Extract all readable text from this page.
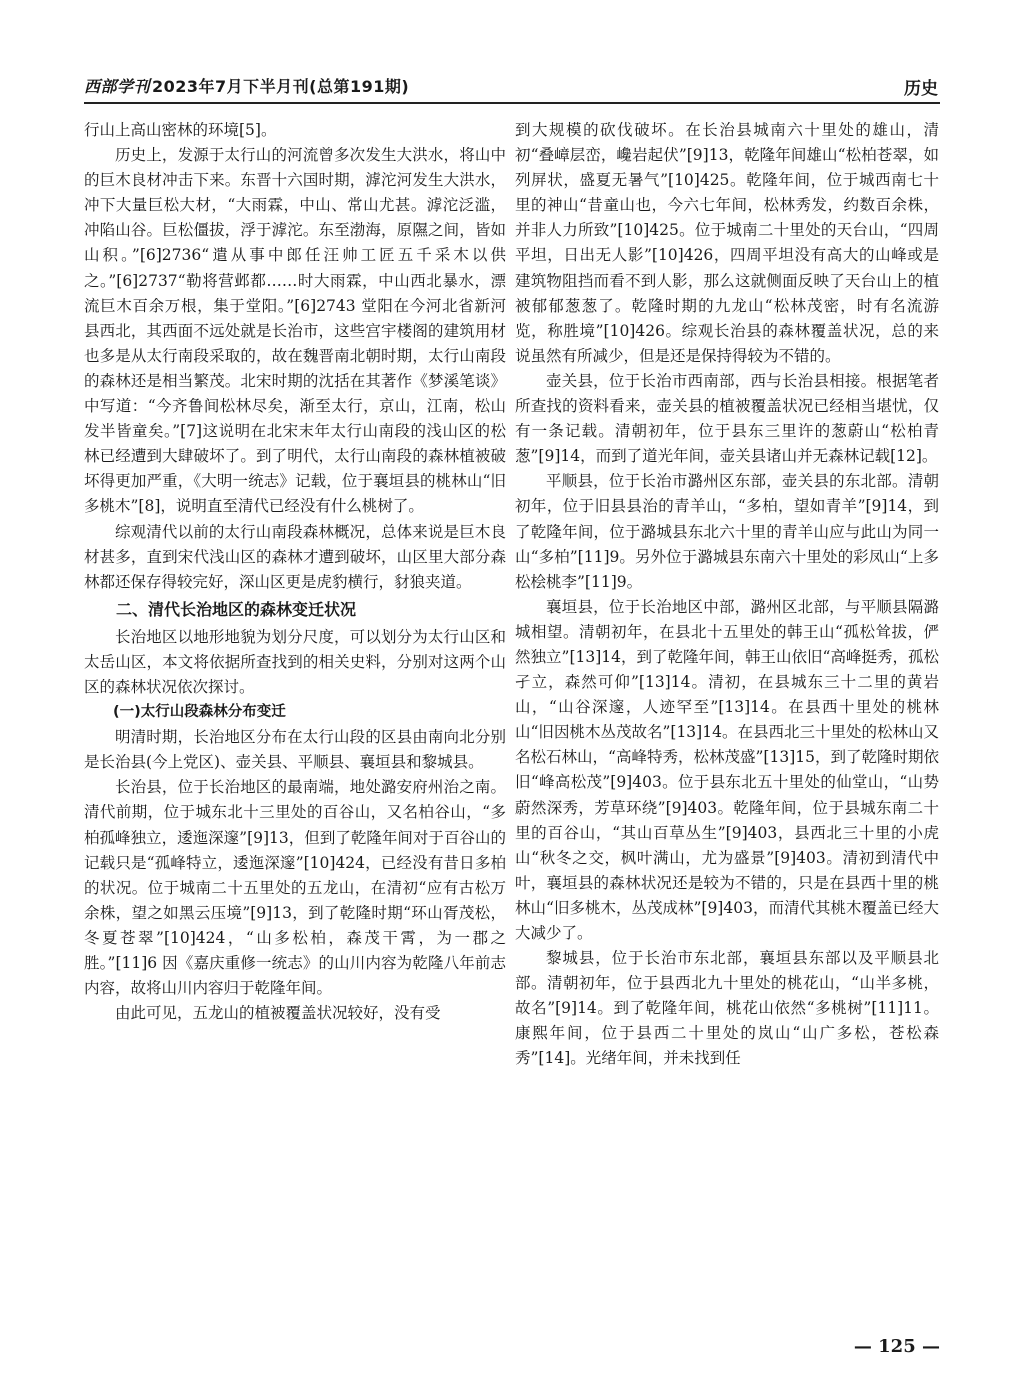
西部学刊 2023年7月下半月刊(总第191期)	历史

行山上高山密林的环境[5]。

历史上，发源于太行山的河流曾多次发生大洪水，将山中的巨木良材冲击下来。东晋十六国时期，滹沱河发生大洪水，冲下大量巨松大材，“大雨霖，中山、常山尤甚。滹沱泛滥，冲陷山谷。巨松僵拔，浮于滹沱。东至渤海，原隰之间，皆如山积。”[6]2736“遣从事中郎任汪帅工匠五千采木以供之。”[6]2737“勒将营邺都……时大雨霖，中山西北暴水，漂流巨木百余万根，集于堂阳。”[6]2743 堂阳在今河北省新河县西北，其西面不远处就是长治市，这些宫宇楼阁的建筑用材也多是从太行南段采取的，故在魏晋南北朝时期，太行山南段的森林还是相当繁茂。北宋时期的沈括在其著作《梦溪笔谈》中写道：“今齐鲁间松林尽矣，渐至太行，京山，江南，松山发半皆童矣。”[7]这说明在北宋末年太行山南段的浅山区的松林已经遭到大肆破坏了。到了明代，太行山南段的森林植被破坏得更加严重，《大明一统志》记载，位于襄垣县的桃林山“旧多桃木”[8]，说明直至清代已经没有什么桃树了。

综观清代以前的太行山南段森林概况，总体来说是巨木良材甚多，直到宋代浅山区的森林才遭到破坏，山区里大部分森林都还保存得较完好，深山区更是虎豹横行，豺狼夹道。

二、清代长治地区的森林变迁状况

长治地区以地形地貌为划分尺度，可以划分为太行山区和太岳山区，本文将依据所查找到的相关史料，分别对这两个山区的森林状况依次探讨。

(一)太行山段森林分布变迁

明清时期，长治地区分布在太行山段的区县由南向北分别是长治县(今上党区)、壶关县、平顺县、襄垣县和黎城县。

长治县，位于长治地区的最南端，地处潞安府州治之南。清代前期，位于城东北十三里处的百谷山，又名柏谷山，“多柏孤峰独立，逶迤深邃”[9]13，但到了乾隆年间对于百谷山的记载只是“孤峰特立，逶迤深邃”[10]424，已经没有昔日多柏的状况。位于城南二十五里处的五龙山，在清初“应有古松万余株，望之如黑云压境”[9]13，到了乾隆时期“环山胥茂松，冬夏苍翠”[10]424，“山多松柏，森茂干霄，为一郡之胜。”[11]6 因《嘉庆重修一统志》的山川内容为乾隆八年前志内容，故将山川内容归于乾隆年间。

由此可见，五龙山的植被覆盖状况较好，没有受

到大规模的砍伐破坏。在长治县城南六十里处的雄山，清初“叠嶂层峦，巉岩起伏”[9]13，乾隆年间雄山“松柏苍翠，如列屏状，盛夏无暑气”[10]425。乾隆年间，位于城西南七十里的神山“昔童山也，今六七年间，松林秀发，约数百余株，并非人力所致”[10]425。位于城南二十里处的天台山，“四周平坦，日出无人影”[10]426，四周平坦没有高大的山峰或是建筑物阻挡而看不到人影，那么这就侧面反映了天台山上的植被郁郁葱葱了。乾隆时期的九龙山“松林茂密，时有名流游览，称胜境”[10]426。综观长治县的森林覆盖状况，总的来说虽然有所减少，但是还是保持得较为不错的。

壶关县，位于长治市西南部，西与长治县相接。根据笔者所查找的资料看来，壶关县的植被覆盖状况已经相当堪忧，仅有一条记载。清朝初年，位于县东三里许的葱蔚山“松柏青葱”[9]14，而到了道光年间，壶关县诸山并无森林记载[12]。

平顺县，位于长治市潞州区东部，壶关县的东北部。清朝初年，位于旧县县治的青羊山，“多柏，望如青羊”[9]14，到了乾隆年间，位于潞城县东北六十里的青羊山应与此山为同一山“多柏”[11]9。另外位于潞城县东南六十里处的彩凤山“上多松桧桃李”[11]9。

襄垣县，位于长治地区中部，潞州区北部，与平顺县隔潞城相望。清朝初年，在县北十五里处的韩王山“孤松耸拔，俨然独立”[13]14，到了乾隆年间，韩王山依旧“高峰挺秀，孤松孑立，森然可仰”[13]14。清初，在县城东三十二里的黄岩山，“山谷深邃，人迹罕至”[13]14。在县西十里处的桃林山“旧因桃木丛茂故名”[13]14。在县西北三十里处的松林山又名松石林山，“高峰特秀，松林茂盛”[13]15，到了乾隆时期依旧“峰高松茂”[9]403。位于县东北五十里处的仙堂山，“山势蔚然深秀，芳草环绕”[9]403。乾隆年间，位于县城东南二十里的百谷山，“其山百草丛生”[9]403，县西北三十里的小虎山“秋冬之交，枫叶满山，尤为盛景”[9]403。清初到清代中叶，襄垣县的森林状况还是较为不错的，只是在县西十里的桃林山“旧多桃木，丛茂成林”[9]403，而清代其桃木覆盖已经大大减少了。

黎城县，位于长治市东北部，襄垣县东部以及平顺县北部。清朝初年，位于县西北九十里处的桃花山，“山半多桃，故名”[9]14。到了乾隆年间，桃花山依然“多桃树”[11]11。康熙年间，位于县西二十里处的岚山“山广多松，苍松森秀”[14]。光绪年间，并未找到任

— 125 —
